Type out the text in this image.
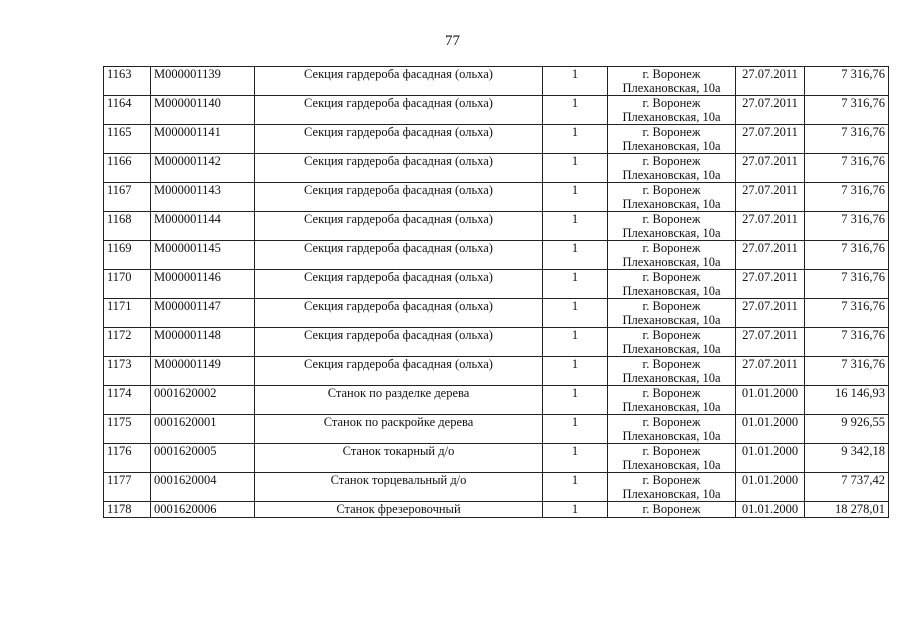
77
1163	М000001139	Секция гардероба фасадная (ольха)	1	г. Воронеж
Плехановская, 10а	27.07.2011	7 316,76
1164	М000001140	Секция гардероба фасадная (ольха)	1	г. Воронеж
Плехановская, 10а	27.07.2011	7 316,76
1165	М000001141	Секция гардероба фасадная (ольха)	1	г. Воронеж
Плехановская, 10а	27.07.2011	7 316,76
1166	М000001142	Секция гардероба фасадная (ольха)	1	г. Воронеж
Плехановская, 10а	27.07.2011	7 316,76
1167	М000001143	Секция гардероба фасадная (ольха)	1	г. Воронеж
Плехановская, 10а	27.07.2011	7 316,76
1168	М000001144	Секция гардероба фасадная (ольха)	1	г. Воронеж
Плехановская, 10а	27.07.2011	7 316,76
1169	М000001145	Секция гардероба фасадная (ольха)	1	г. Воронеж
Плехановская, 10а	27.07.2011	7 316,76
1170	М000001146	Секция гардероба фасадная (ольха)	1	г. Воронеж
Плехановская, 10а	27.07.2011	7 316,76
1171	М000001147	Секция гардероба фасадная (ольха)	1	г. Воронеж
Плехановская, 10а	27.07.2011	7 316,76
1172	М000001148	Секция гардероба фасадная (ольха)	1	г. Воронеж
Плехановская, 10а	27.07.2011	7 316,76
1173	М000001149	Секция гардероба фасадная (ольха)	1	г. Воронеж
Плехановская, 10а	27.07.2011	7 316,76
1174	0001620002	Станок по разделке дерева	1	г. Воронеж
Плехановская, 10а	01.01.2000	16 146,93
1175	0001620001	Станок по раскройке дерева	1	г. Воронеж
Плехановская, 10а	01.01.2000	9 926,55
1176	0001620005	Станок токарный д/о	1	г. Воронеж
Плехановская, 10а	01.01.2000	9 342,18
1177	0001620004	Станок торцевальный д/о	1	г. Воронеж
Плехановская, 10а	01.01.2000	7 737,42
1178	0001620006	Станок фрезеровочный	1	г. Воронеж	01.01.2000	18 278,01
